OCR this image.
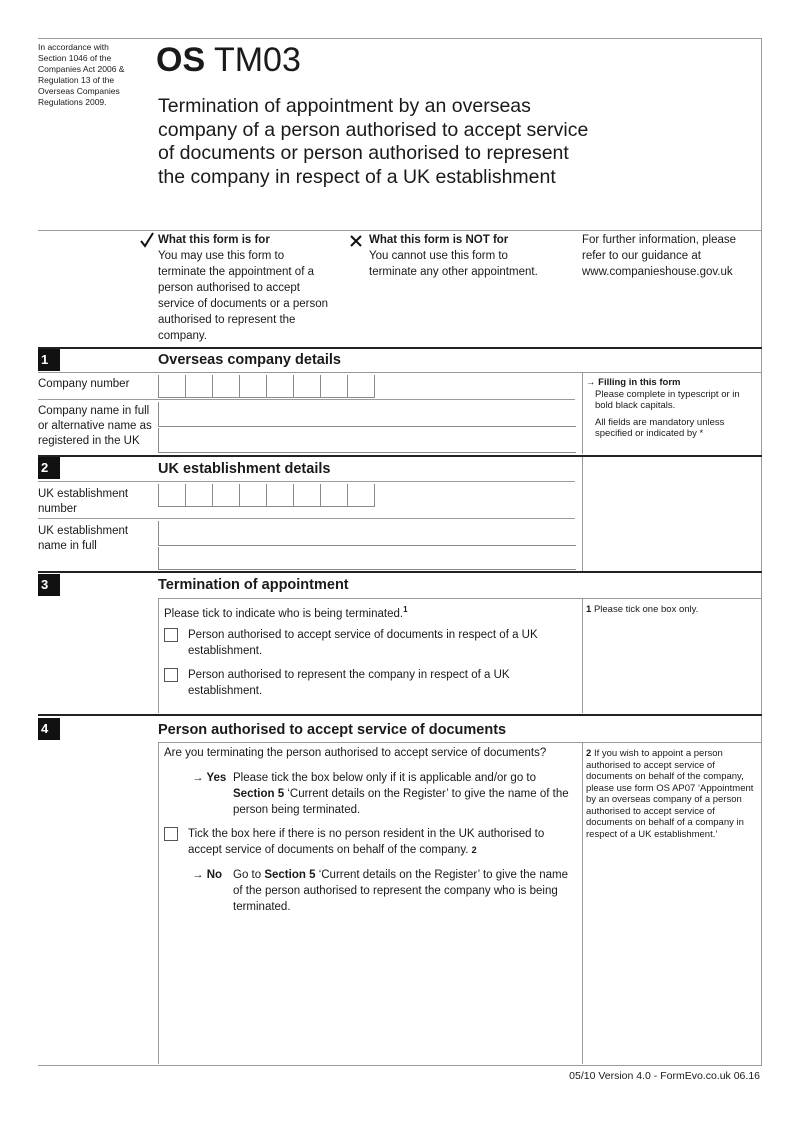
In accordance with Section 1046 of the Companies Act 2006 & Regulation 13 of the Overseas Companies Regulations 2009.
OS TM03
Termination of appointment by an overseas company of a person authorised to accept service of documents or person authorised to represent the company in respect of a UK establishment
What this form is for
You may use this form to terminate the appointment of a person authorised to accept service of documents or a person authorised to represent the company.
What this form is NOT for
You cannot use this form to terminate any other appointment.
For further information, please refer to our guidance at www.companieshouse.gov.uk
1	Overseas company details
Company number
Company name in full or alternative name as registered in the UK
→ Filling in this form
Please complete in typescript or in bold black capitals.
All fields are mandatory unless specified or indicated by *
2	UK establishment details
UK establishment number
UK establishment name in full
3	Termination of appointment
Please tick to indicate who is being terminated.$^1$
Person authorised to accept service of documents in respect of a UK establishment.
Person authorised to represent the company in respect of a UK establishment.
1 Please tick one box only.
4	Person authorised to accept service of documents
Are you terminating the person authorised to accept service of documents?
→ Yes Please tick the box below only if it is applicable and/or go to Section 5 ‘Current details on the Register’ to give the name of the person being terminated.
Tick the box here if there is no person resident in the UK authorised to accept service of documents on behalf of the company. 2
→ No Go to Section 5 ‘Current details on the Register’ to give the name of the person authorised to represent the company who is being terminated.
2 If you wish to appoint a person authorised to accept service of documents on behalf of the company, please use form OS AP07 ‘Appointment by an overseas company of a person authorised to accept service of documents on behalf of a company in respect of a UK establishment.’
05/10 Version 4.0 - FormEvo.co.uk 06.16
